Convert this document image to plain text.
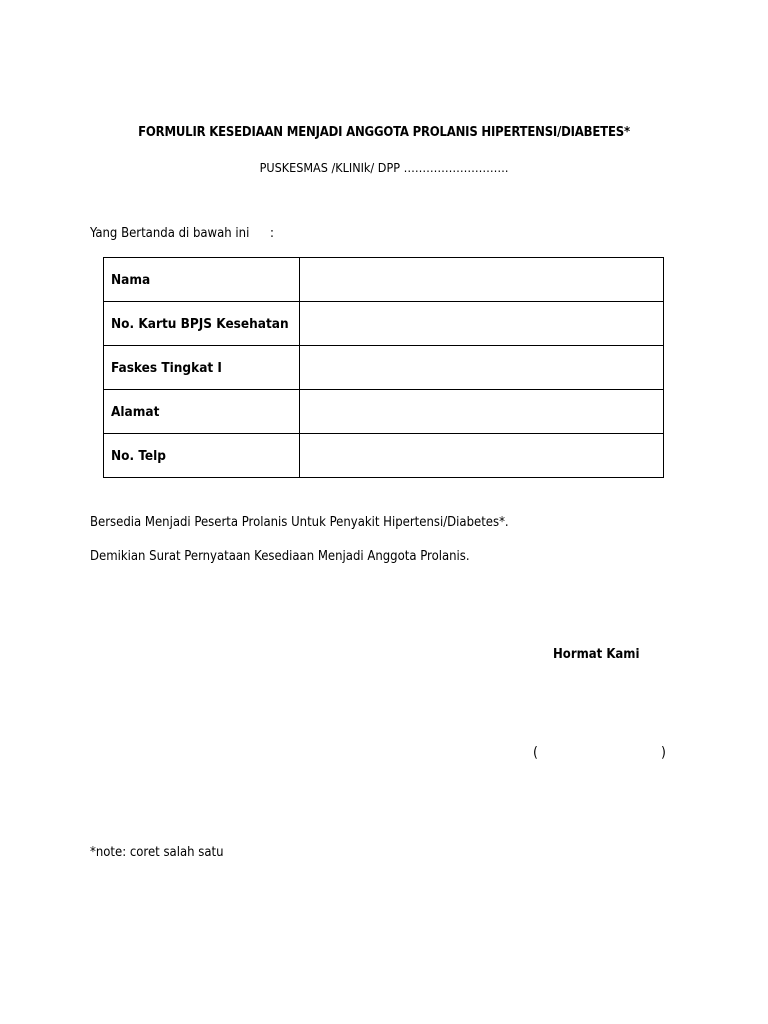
FORMULIR KESEDIAAN MENJADI ANGGOTA PROLANIS HIPERTENSI/DIABETES*
PUSKESMAS /KLINIk/ DPP ……………………….
Yang Bertanda di bawah ini :
Nama	
No. Kartu BPJS Kesehatan	
Faskes Tingkat I	
Alamat	
No. Telp	
Bersedia Menjadi Peserta Prolanis Untuk Penyakit Hipertensi/Diabetes*.
Demikian Surat Pernyataan Kesediaan Menjadi Anggota Prolanis.
Hormat Kami
(	)
*note: coret salah satu
